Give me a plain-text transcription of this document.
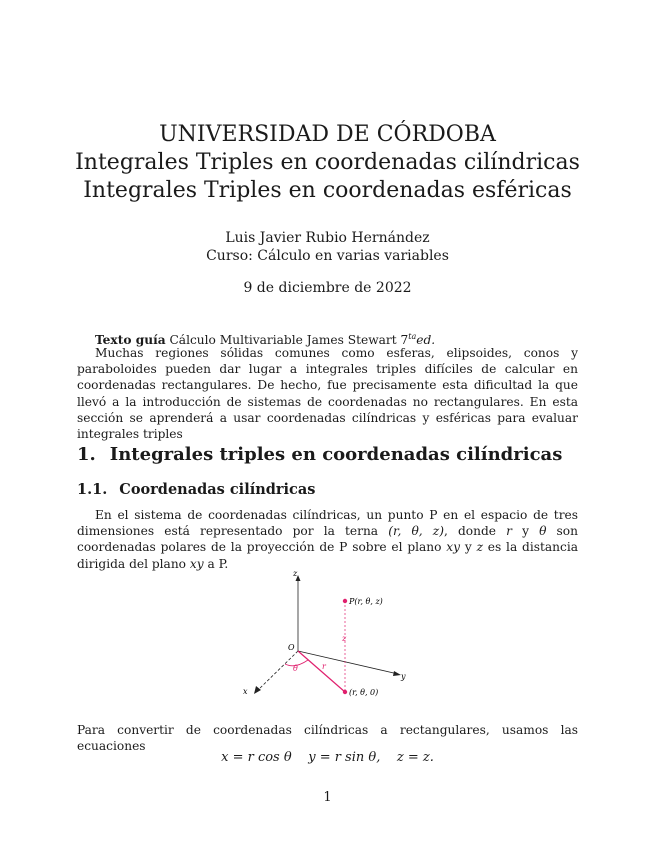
UNIVERSIDAD DE CÓRDOBA
Integrales Triples en coordenadas cilíndricas
Integrales Triples en coordenadas esféricas
Luis Javier Rubio Hernández
Curso: Cálculo en varias variables
9 de diciembre de 2022
Texto guía Cálculo Multivariable James Stewart $7^{ta}ed$.
Muchas regiones sólidas comunes como esferas, elipsoides, conos y paraboloides pueden dar lugar a integrales triples difíciles de calcular en coordenadas rectangulares. De hecho, fue precisamente esta dificultad la que llevó a la introducción de sistemas de coordenadas no rectangulares. En esta sección se aprenderá a usar coordenadas cilíndricas y esféricas para evaluar integrales triples
1. Integrales triples en coordenadas cilíndricas
1.1. Coordenadas cilíndricas
En el sistema de coordenadas cilíndricas, un punto P en el espacio de tres dimensiones está representado por la terna (r, θ, z), donde r y θ son coordenadas polares de la proyección de P sobre el plano xy y z es la distancia dirigida del plano xy a P.
z
x
y
O
P(r, θ, z)
(r, θ, 0)
z
r
θ
Para convertir de coordenadas cilíndricas a rectangulares, usamos las ecuaciones
x = r cos θ    y = r sin θ,    z = z.
1
